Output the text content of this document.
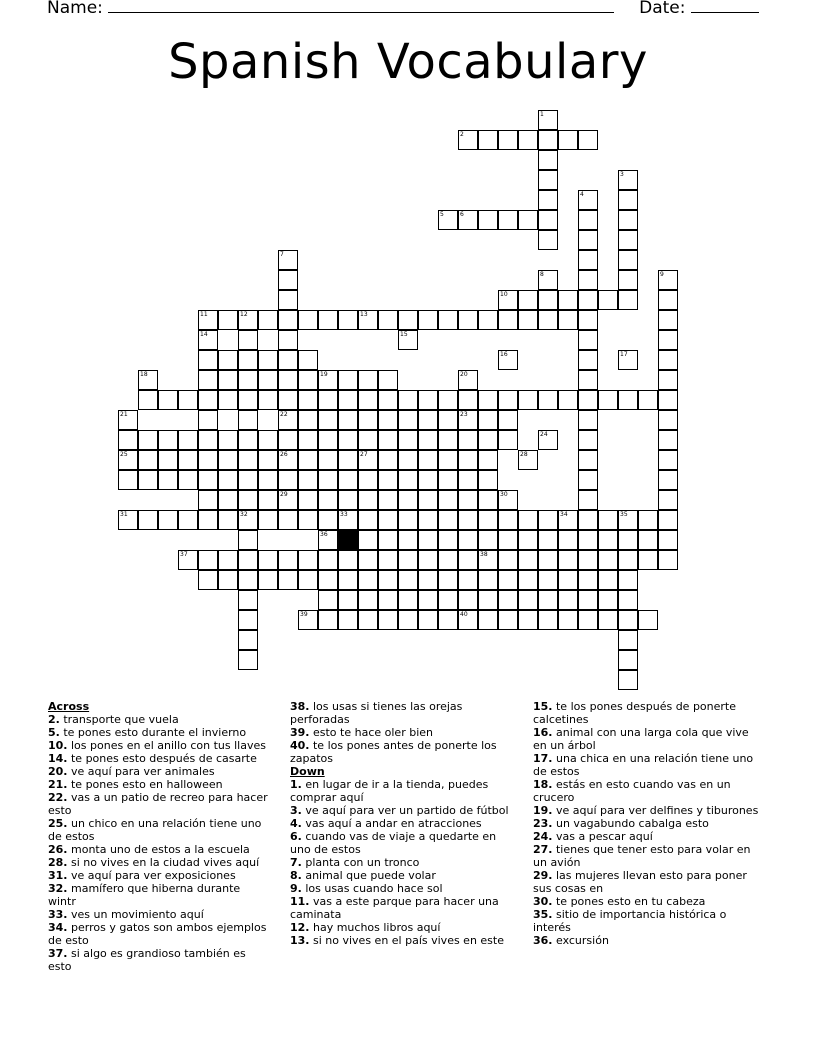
Name:	Date:
Spanish Vocabulary
1
2
3
5	6
4
7
10
9
11	12	13
32
14
19
22	23
25	26	27
29
31	33	34	35
36
37	38
39	40
8
15
16	17
18	20
21
24
28
30

Across

2. transporte que vuela

5. te pones esto durante el invierno

10. los pones en el anillo con tus llaves

14. te pones esto después de casarte

20. ve aquí para ver animales

21. te pones esto en halloween

22. vas a un patio de recreo para hacer esto

25. un chico en una relación tiene uno de estos

26. monta uno de estos a la escuela

28. si no vives en la ciudad vives aquí

31. ve aquí para ver exposiciones

32. mamífero que hiberna durante wintr

33. ves un movimiento aquí

34. perros y gatos son ambos ejemplos de esto

37. si algo es grandioso también es esto

38. los usas si tienes las orejas perforadas

39. esto te hace oler bien

40. te los pones antes de ponerte los zapatos

Down

1. en lugar de ir a la tienda, puedes comprar aquí

3. ve aquí para ver un partido de fútbol

4. vas aquí a andar en atracciones

6. cuando vas de viaje a quedarte en uno de estos

7. planta con un tronco

8. animal que puede volar

9. los usas cuando hace sol

11. vas a este parque para hacer una caminata

12. hay muchos libros aquí

13. si no vives en el país vives en este

15. te los pones después de ponerte calcetines

16. animal con una larga cola que vive en un árbol

17. una chica en una relación tiene uno de estos

18. estás en esto cuando vas en un crucero

19. ve aquí para ver delfines y tiburones

23. un vagabundo cabalga esto

24. vas a pescar aquí

27. tienes que tener esto para volar en un avión

29. las mujeres llevan esto para poner sus cosas en

30. te pones esto en tu cabeza

35. sitio de importancia histórica o interés

36. excursión
